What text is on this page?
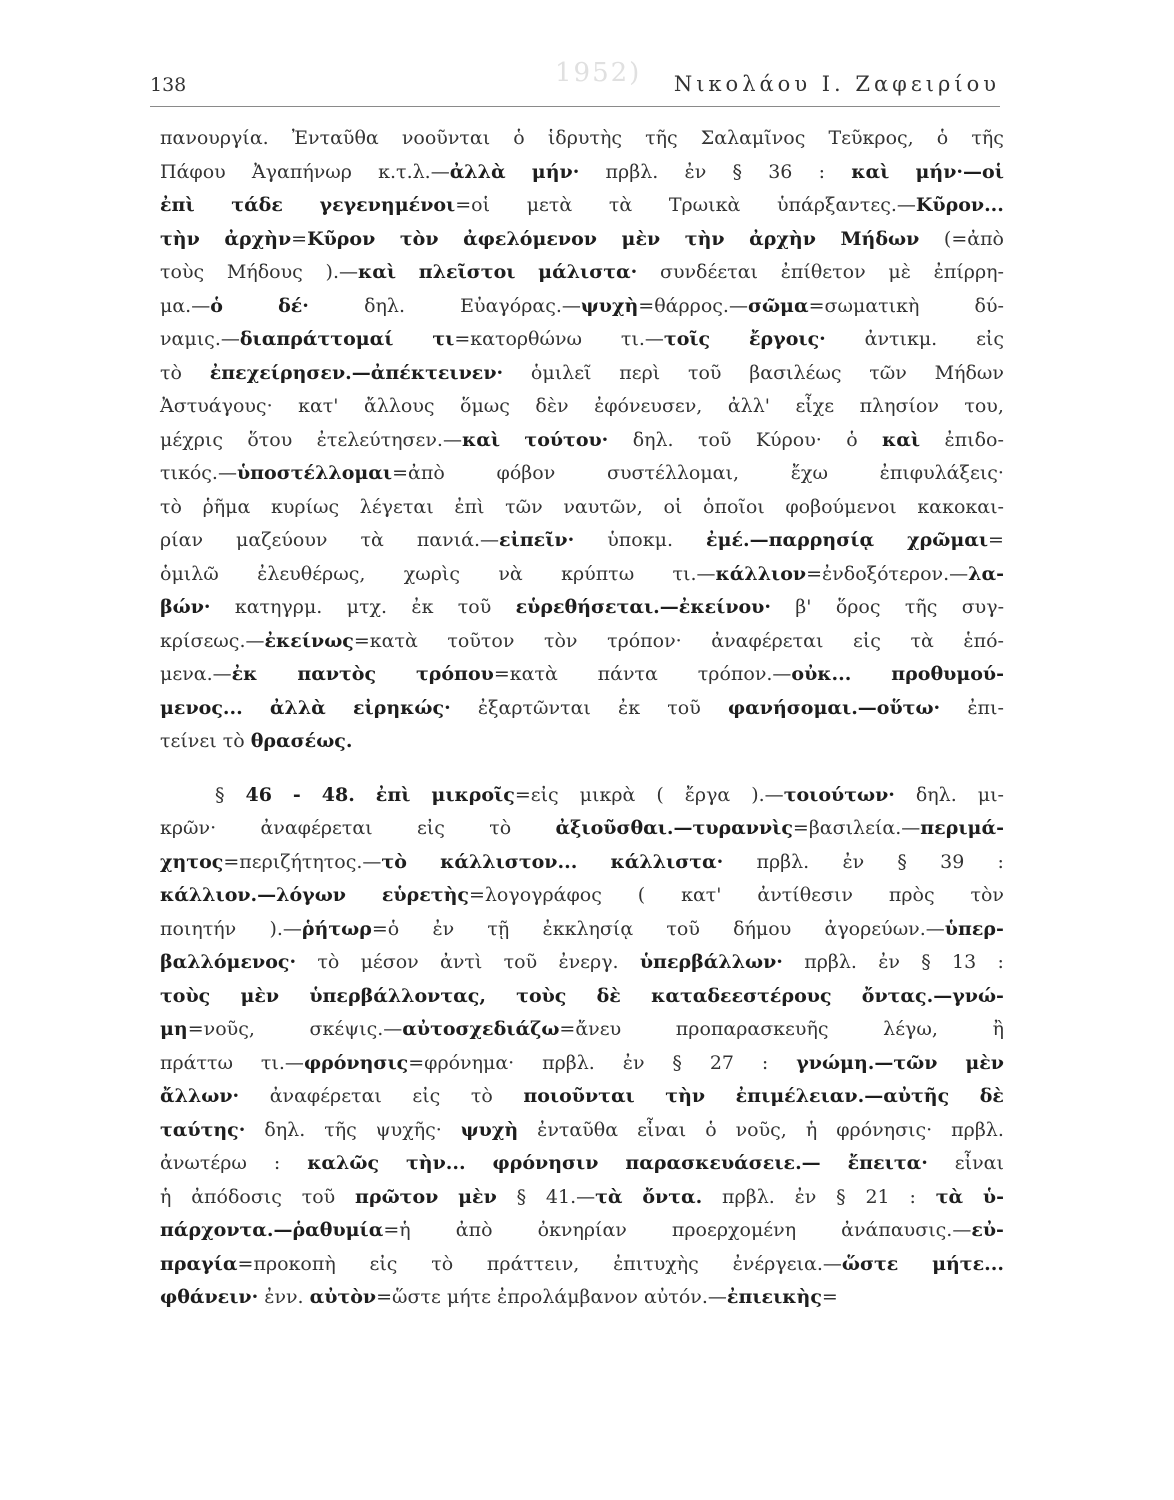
1952)
138	Νικολάου Ι. Ζαφειρίου
πανουργία. Ἐνταῦθα νοοῦνται ὁ ἱδρυτὴς τῆς Σαλαμῖνος Τεῦκρος, ὁ τῆς
Πάφου Ἀγαπήνωρ κ.τ.λ.—ἀλλὰ μήν· πρβλ. ἐν § 36 : καὶ μήν·—οἱ
ἐπὶ τάδε γεγενημένοι=οἱ μετὰ τὰ Τρωικὰ ὑπάρξαντες.—Κῦρον...
τὴν ἀρχὴν=Κῦρον τὸν ἀφελόμενον μὲν τὴν ἀρχὴν Μήδων (=ἀπὸ
τοὺς Μήδους ).—καὶ πλεῖστοι μάλιστα· συνδέεται ἐπίθετον μὲ ἐπίρρη-
μα.—ὁ	δέ·	δηλ.	Εὐαγόρας.—ψυχὴ=θάρρος.—σῶμα=σωματικὴ	δύ-
ναμις.—διαπράττομαί τι=κατορθώνω τι.—τοῖς ἔργοις· ἀντικμ. εἰς
τὸ ἐπεχείρησεν.—ἀπέκτεινεν· ὁμιλεῖ περὶ τοῦ βασιλέως τῶν Μήδων
Ἀστυάγους· κατ' ἄλλους ὅμως δὲν ἐφόνευσεν, ἀλλ' εἶχε πλησίον του,
μέχρις ὅτου ἐτελεύτησεν.—καὶ τούτου· δηλ. τοῦ Κύρου· ὁ καὶ ἐπιδο-
τικός.—ὑποστέλλομαι=ἀπὸ	φόβον	συστέλλομαι,	ἔχω	ἐπιφυλάξεις·
τὸ ῥῆμα κυρίως λέγεται ἐπὶ τῶν ναυτῶν, οἱ ὁποῖοι φοβούμενοι κακοκαι-
ρίαν μαζεύουν τὰ πανιά.—εἰπεῖν· ὑποκμ. ἐμέ.—παρρησίᾳ χρῶμαι=
ὁμιλῶ ἐλευθέρως, χωρὶς νὰ κρύπτω τι.—κάλλιον=ἐνδοξότερον.—λα-
βών· κατηγρμ. μτχ. ἐκ τοῦ εὑρεθήσεται.—ἐκείνου· β' ὅρος τῆς συγ-
κρίσεως.—ἐκείνως=κατὰ τοῦτον τὸν τρόπον· ἀναφέρεται εἰς τὰ ἑπό-
μενα.—ἐκ παντὸς τρόπου=κατὰ πάντα τρόπον.—οὐκ... προθυμού-
μενος... ἀλλὰ εἰρηκώς· ἐξαρτῶνται ἐκ τοῦ φανήσομαι.—οὕτω· ἐπι-
τείνει
τὸ
θρασέως.
§ 46 - 48. ἐπὶ μικροῖς=εἰς μικρὰ ( ἔργα ).—τοιούτων· δηλ. μι-
κρῶν· ἀναφέρεται εἰς τὸ ἀξιοῦσθαι.—τυραννὶς=βασιλεία.—περιμά-
χητος=περιζήτητος.—τὸ κάλλιστον... κάλλιστα· πρβλ. ἐν § 39 :
κάλλιον.—λόγων εὑρετὴς=λογογράφος ( κατ' ἀντίθεσιν πρὸς τὸν
ποιητήν ).—ῥήτωρ=ὁ ἐν τῇ ἐκκλησίᾳ τοῦ δήμου ἀγορεύων.—ὑπερ-
βαλλόμενος· τὸ μέσον ἀντὶ τοῦ ἐνεργ. ὑπερβάλλων· πρβλ. ἐν § 13 :
τοὺς μὲν ὑπερβάλλοντας, τοὺς δὲ καταδεεστέρους ὄντας.—γνώ-
μη=νοῦς,	σκέψις.—αὐτοσχεδιάζω=ἄνευ	προπαρασκευῆς	λέγω,	ἢ
πράττω τι.—φρόνησις=φρόνημα· πρβλ. ἐν § 27 : γνώμη.—τῶν μὲν
ἄλλων· ἀναφέρεται εἰς τὸ ποιοῦνται τὴν ἐπιμέλειαν.—αὐτῆς δὲ
ταύτης· δηλ. τῆς ψυχῆς· ψυχὴ ἐνταῦθα εἶναι ὁ νοῦς, ἡ φρόνησις· πρβλ.
ἀνωτέρω : καλῶς τὴν... φρόνησιν παρασκευάσειε.— ἔπειτα· εἶναι
ἡ ἀπόδοσις τοῦ πρῶτον μὲν § 41.—τὰ ὄντα. πρβλ. ἐν § 21 : τὰ ὑ-
πάρχοντα.—ῥαθυμία=ἡ ἀπὸ ὀκνηρίαν προερχομένη ἀνάπαυσις.—εὐ-
πραγία=προκοπὴ εἰς τὸ πράττειν, ἐπιτυχὴς ἐνέργεια.—ὥστε μήτε...
φθάνειν·
ἐνν.
αὐτὸν=ὥστε
μήτε
ἐπρολάμβανον
αὐτόν.—ἐπιεικὴς=
